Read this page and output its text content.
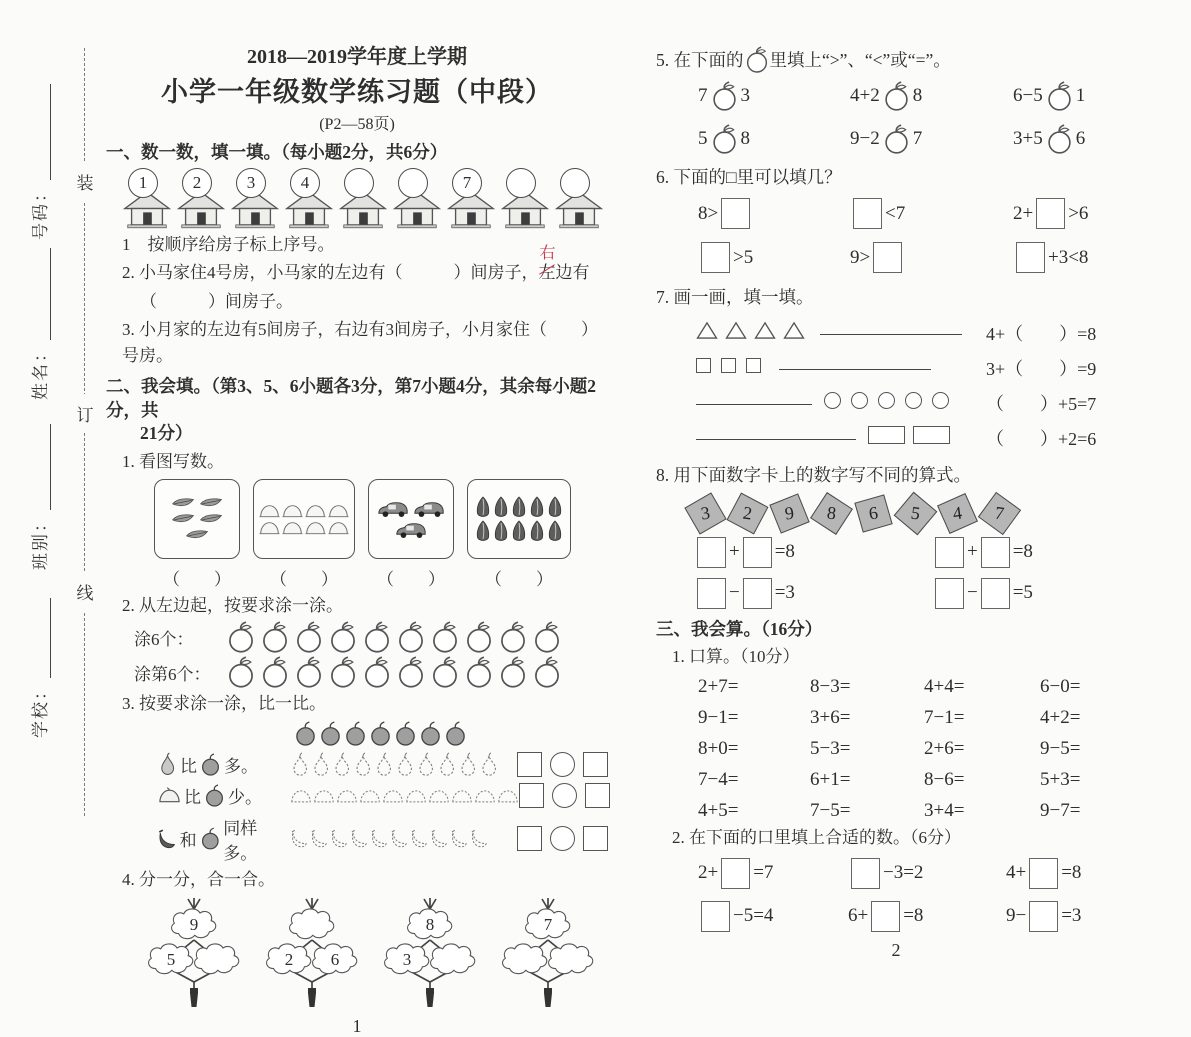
号码：
姓名：
班别：
学校：
装
订
线
2018—2019学年度上学期
小学一年级数学练习题（中段）
(P2—58页)
一、数一数，填一填。（每小题2分，共6分）
1	2	3	4	7
1　按顺序给房子标上序号。
2. 小马家住4号房，小马家的左边有（　　　）间房子，
右
左边有
（　　　）间房子。
3. 小月家的左边有5间房子，右边有3间房子，小月家住（　　）号房。
二、我会填。（第3、5、6小题各3分，第7小题4分，其余每小题2分，共
21分）
1. 看图写数。
（　　） （　　） （　　） （　　）
2. 从左边起，按要求涂一涂。
涂6个：
涂第6个：
3. 按要求涂一涂，比一比。
比 多。
比 少。
和
同样多。
4. 分一分，合一合。
9
5	2	6
8
3
7
1
5. 在下面的 里填上“>”、“<”或“=”。
7 3	4+2 8	6−5 1
5 8	9−2 7	3+5 6
6. 下面的□里可以填几？
8>	<7	2+ >6
>5	9>	+3<8
7. 画一画，填一填。
4+（　　）=8
3+（　　）=9
（　　）+5=7
（　　）+2=6
8. 用下面数字卡上的数字写不同的算式。
3 2 9 8 6 5 4 7
+ =8	+ =8
− =3	− =5
三、我会算。（16分）
1. 口算。（10分）
2+7=	8−3=	4+4=	6−0=
9−1=	3+6=	7−1=	4+2=
8+0=	5−3=	2+6=	9−5=
7−4=	6+1=	8−6=	5+3=
4+5=	7−5=	3+4=	9−7=
2. 在下面的口里填上合适的数。（6分）
2+ =7	−3=2	4+ =8
−5=4	6+ =8	9− =3
2
